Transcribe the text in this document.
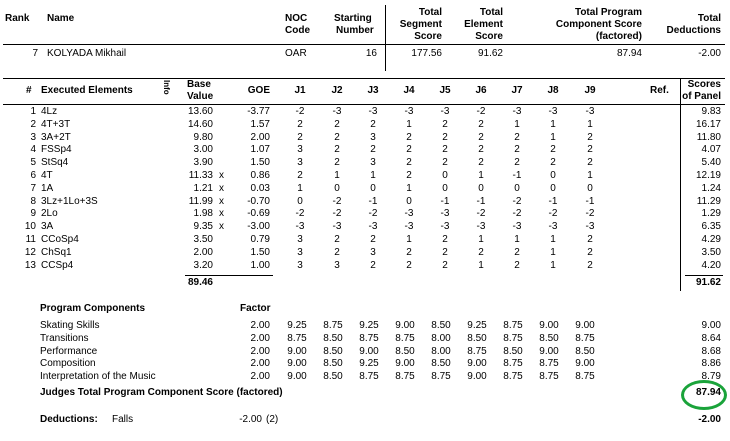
Rank Name	NOC
Code
Starting
Number
Total
Segment
Score
Total
Element
Score
Total Program
Component Score
(factored)
Total
Deductions
7 KOLYADA Mikhail	OAR	16	177.56	91.62	87.94	-2.00
# Executed Elements	Info Base
Value
GOE	J1	J2	J3	J4	J5	J6	J7	J8	J9	Ref.
Scores
of Panel
1 4Lz	13.60	-3.77	-2	-3	-3	-3	-3	-2	-3	-3	-3	9.83
2 4T+3T	14.60	1.57	2	2	2	1	2	2	1	1	1	16.17
3 3A+2T	9.80	2.00	2	2	3	2	2	2	2	1	2	11.80
4 FSSp4	3.00	1.07	3	2	2	2	2	2	2	2	2	4.07
5 StSq4	3.90	1.50	3	2	3	2	2	2	2	2	2	5.40
6 4T	11.33 x	0.86	2	1	1	2	0	1	-1	0	1	12.19
7 1A	1.21 x	0.03	1	0	0	1	0	0	0	0	0	1.24
8 3Lz+1Lo+3S	11.99 x	-0.70	0	-2	-1	0	-1	-1	-2	-1	-1	11.29
9 2Lo	1.98 x	-0.69	-2	-2	-2	-3	-3	-2	-2	-2	-2	1.29
10 3A	9.35 x	-3.00	-3	-3	-3	-3	-3	-3	-3	-3	-3	6.35
11 CCoSp4	3.50	0.79	3	2	2	1	2	1	1	1	2	4.29
12 ChSq1	2.00	1.50	3	2	3	2	2	2	2	1	2	3.50
13 CCSp4	3.20	1.00	3	3	2	2	2	1	2	1	2	4.20
89.46	91.62
Program Components	Factor
Skating Skills	2.00	9.25	8.75	9.25	9.00	8.50	9.25	8.75	9.00	9.00	9.00
Transitions	2.00	8.75	8.50	8.75	8.75	8.00	8.50	8.75	8.50	8.75	8.64
Performance	2.00	9.00	8.50	9.00	8.50	8.00	8.75	8.50	9.00	8.50	8.68
Composition	2.00	9.00	8.50	9.25	9.00	8.50	9.00	8.75	8.75	9.00	8.86
Interpretation of the Music	2.00	9.00	8.50	8.75	8.75	8.75	9.00	8.75	8.75	8.75	8.79
Judges Total Program Component Score (factored)	87.94
Deductions: Falls	-2.00 (2)	-2.00
